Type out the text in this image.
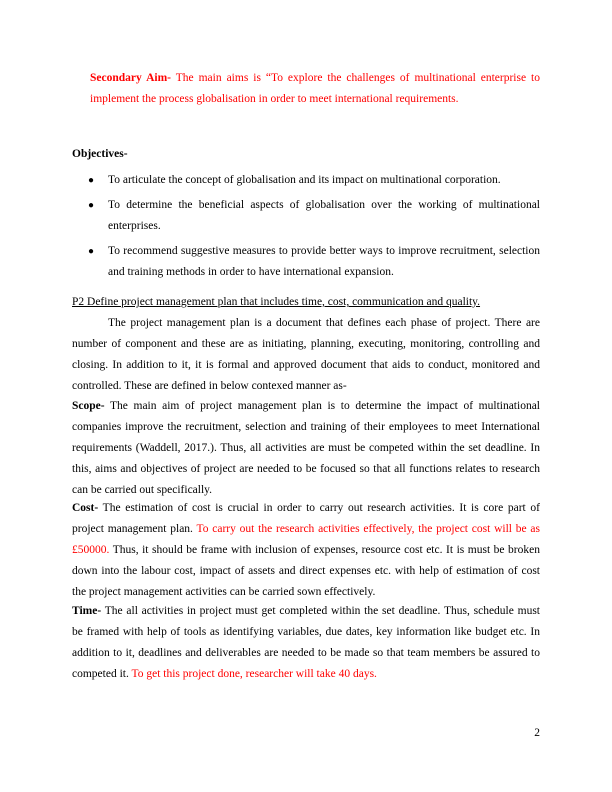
Secondary Aim- The main aims is “To explore the challenges of multinational enterprise to implement the process globalisation in order to meet international requirements.
Objectives-
●	To articulate the concept of globalisation and its impact on multinational corporation.
●	To determine the beneficial aspects of globalisation over the working of multinational enterprises.
●	To recommend suggestive measures to provide better ways to improve recruitment, selection and training methods in order to have international expansion.
P2 Define project management plan that includes time, cost, communication and quality.
The project management plan is a document that defines each phase of project. There are number of component and these are as initiating, planning, executing, monitoring, controlling and closing. In addition to it, it is formal and approved document that aids to conduct, monitored and controlled. These are defined in below contexed manner as-
Scope- The main aim of project management plan is to determine the impact of multinational companies improve the recruitment, selection and training of their employees to meet International requirements (Waddell, 2017.). Thus, all activities are must be competed within the set deadline. In this, aims and objectives of project are needed to be focused so that all functions relates to research can be carried out specifically.
Cost- The estimation of cost is crucial in order to carry out research activities. It is core part of project management plan. To carry out the research activities effectively, the project cost will be as £50000. Thus, it should be frame with inclusion of expenses, resource cost etc. It is must be broken down into the labour cost, impact of assets and direct expenses etc. with help of estimation of cost the project management activities can be carried sown effectively.
Time- The all activities in project must get completed within the set deadline. Thus, schedule must be framed with help of tools as identifying variables, due dates, key information like budget etc. In addition to it, deadlines and deliverables are needed to be made so that team members be assured to competed it. To get this project done, researcher will take 40 days.
2
